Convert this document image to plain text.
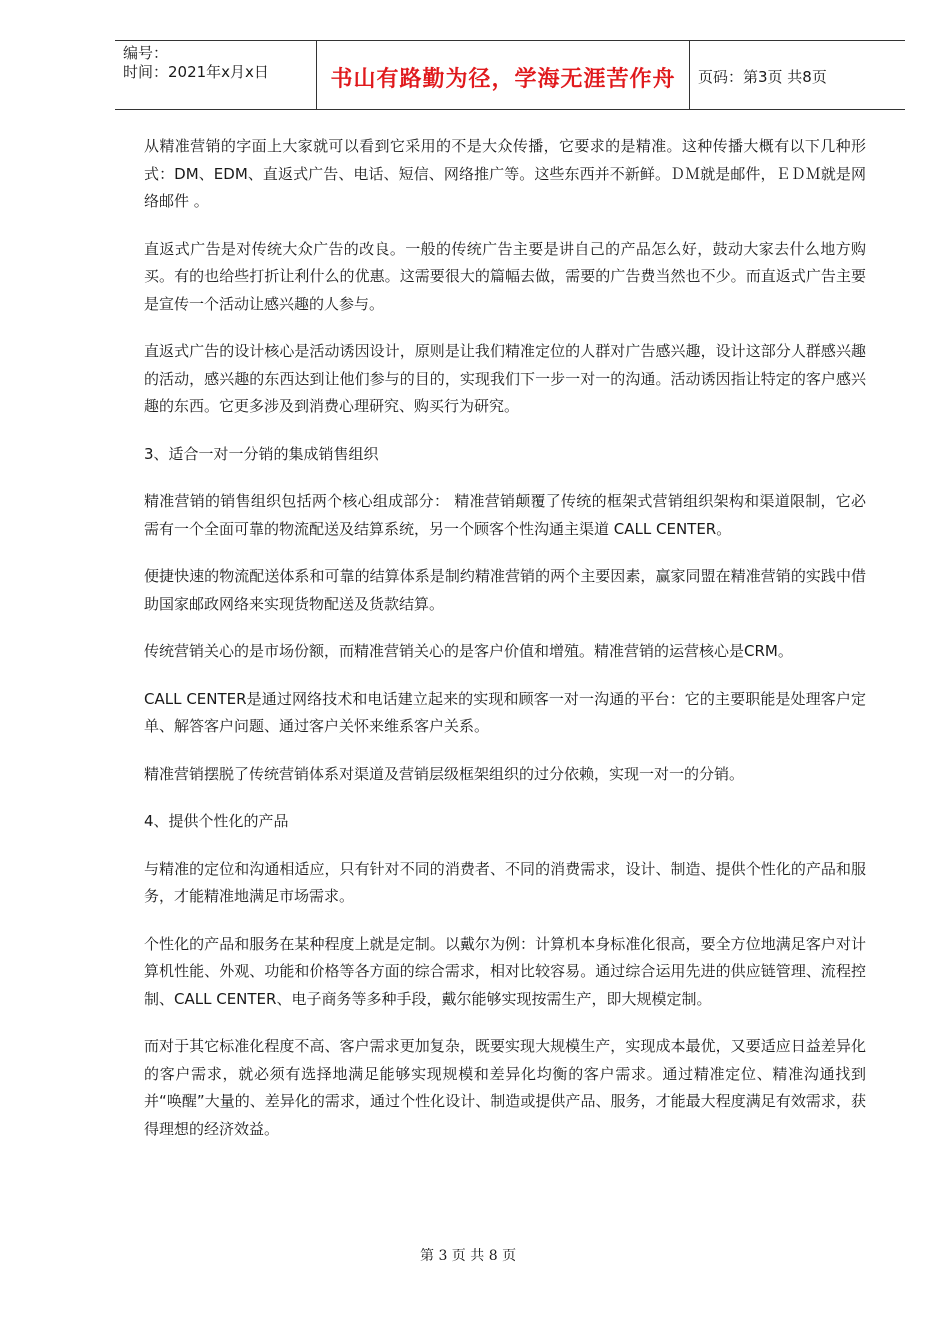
编号：
时间：2021年x月x日	书山有路勤为径，学海无涯苦作舟	页码：第3页 共8页

从精准营销的字面上大家就可以看到它采用的不是大众传播，它要求的是精准。这种传播大概有以下几种形式：DM、EDM、直返式广告、电话、短信、网络推广等。这些东西并不新鲜。ＤＭ就是邮件，ＥＤＭ就是网络邮件 。

直返式广告是对传统大众广告的改良。一般的传统广告主要是讲自己的产品怎么好，鼓动大家去什么地方购买。有的也给些打折让利什么的优惠。这需要很大的篇幅去做，需要的广告费当然也不少。而直返式广告主要是宣传一个活动让感兴趣的人参与。

直返式广告的设计核心是活动诱因设计，原则是让我们精准定位的人群对广告感兴趣，设计这部分人群感兴趣的活动，感兴趣的东西达到让他们参与的目的，实现我们下一步一对一的沟通。活动诱因指让特定的客户感兴趣的东西。它更多涉及到消费心理研究、购买行为研究。

3、适合一对一分销的集成销售组织

精准营销的销售组织包括两个核心组成部分： 精准营销颠覆了传统的框架式营销组织架构和渠道限制，它必需有一个全面可靠的物流配送及结算系统，另一个顾客个性沟通主渠道 CALL CENTER。

便捷快速的物流配送体系和可靠的结算体系是制约精准营销的两个主要因素，赢家同盟在精准营销的实践中借助国家邮政网络来实现货物配送及货款结算。

传统营销关心的是市场份额，而精准营销关心的是客户价值和增殖。精准营销的运营核心是CRM。

CALL CENTER是通过网络技术和电话建立起来的实现和顾客一对一沟通的平台：它的主要职能是处理客户定单、解答客户问题、通过客户关怀来维系客户关系。

精准营销摆脱了传统营销体系对渠道及营销层级框架组织的过分依赖，实现一对一的分销。

4、提供个性化的产品

与精准的定位和沟通相适应，只有针对不同的消费者、不同的消费需求，设计、制造、提供个性化的产品和服务，才能精准地满足市场需求。

个性化的产品和服务在某种程度上就是定制。以戴尔为例：计算机本身标准化很高，要全方位地满足客户对计算机性能、外观、功能和价格等各方面的综合需求，相对比较容易。通过综合运用先进的供应链管理、流程控制、CALL CENTER、电子商务等多种手段，戴尔能够实现按需生产，即大规模定制。

而对于其它标准化程度不高、客户需求更加复杂，既要实现大规模生产，实现成本最优，又要适应日益差异化的客户需求，就必须有选择地满足能够实现规模和差异化均衡的客户需求。通过精准定位、精准沟通找到并“唤醒”大量的、差异化的需求，通过个性化设计、制造或提供产品、服务，才能最大程度满足有效需求，获得理想的经济效益。

第 3 页 共 8 页
